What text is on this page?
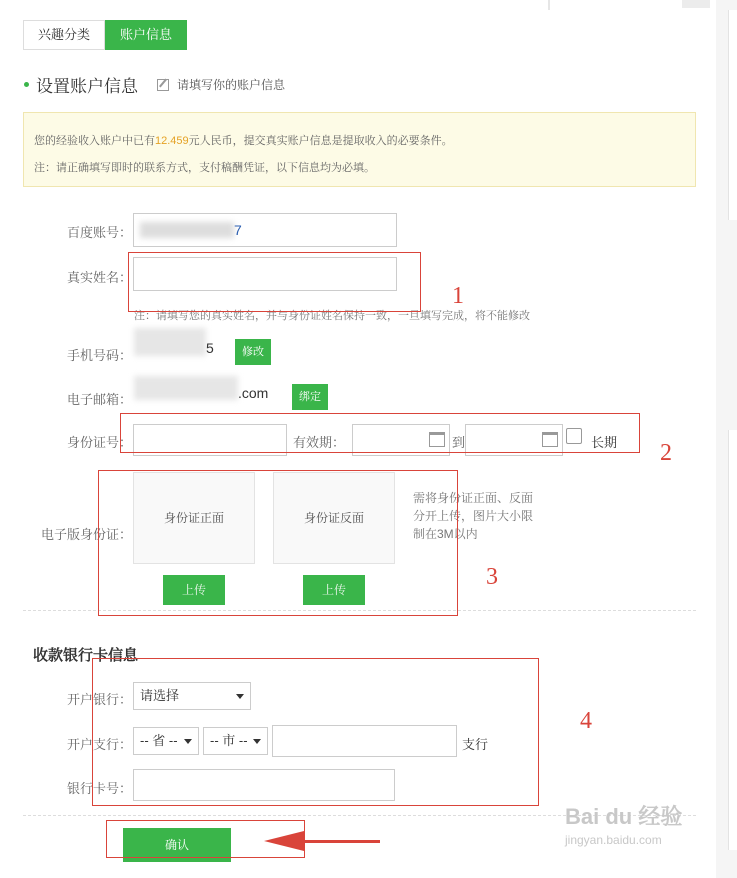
兴趣分类	账户信息
设置账户信息	请填写你的账户信息
您的经验收入账户中已有12.459元人民币，提交真实账户信息是提取收入的必要条件。
注：请正确填写即时的联系方式，支付稿酬凭证，以下信息均为必填。
百度账号：	7
真实姓名：
注：请填写您的真实姓名，并与身份证姓名保持一致，一旦填写完成，将不能修改
手机号码：	5	修改
电子邮箱：	.com	绑定
身份证号：	有效期：	到	长期
电子版身份证：
身份证正面	身份证反面
上传	上传
需将身份证正面、反面
分开上传，图片大小限
制在3M以内
收款银行卡信息
开户银行： 请选择
开户支行： -- 省 --	-- 市 --	支行
银行卡号：
确认
1
2
3
4
Bai du 经验
jingyan.baidu.com
